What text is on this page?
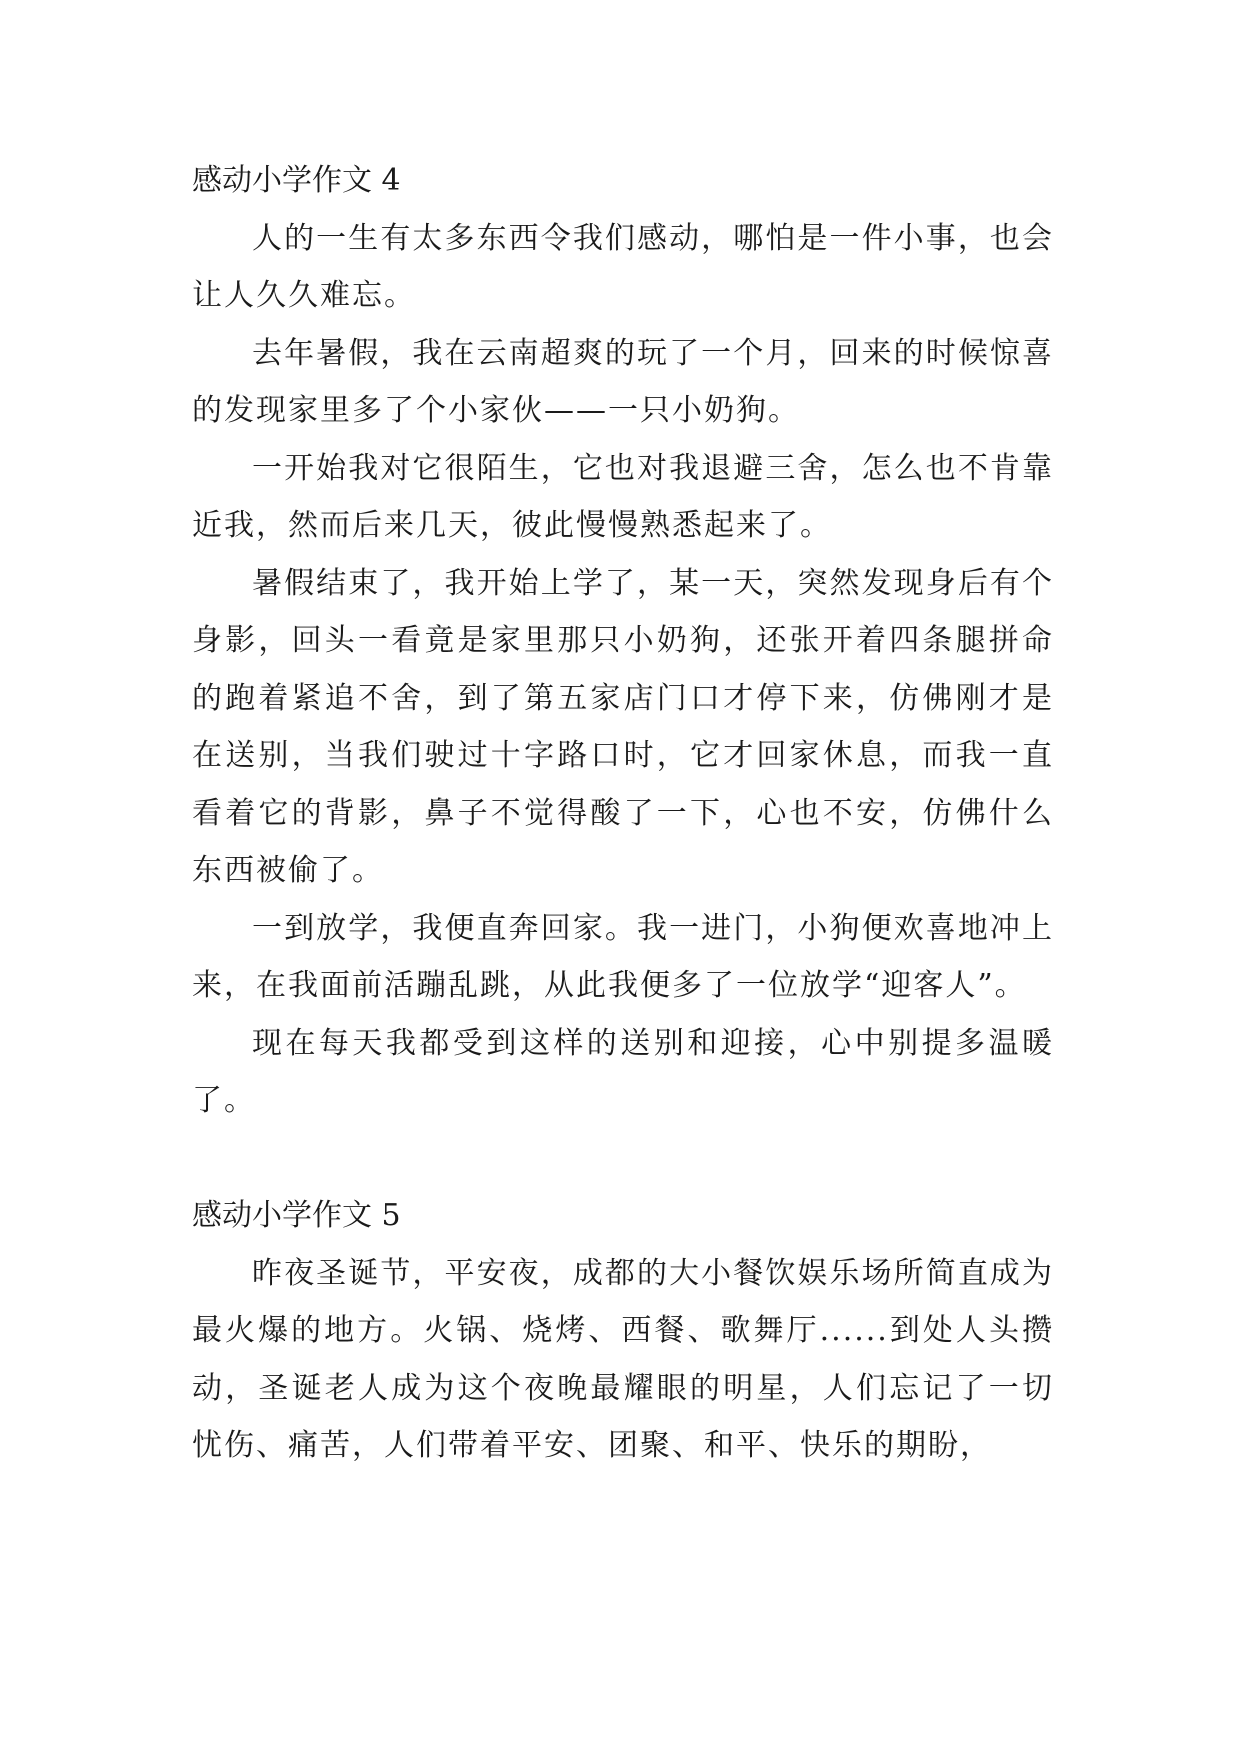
感动小学作文 4

人的一生有太多东西令我们感动，哪怕是一件小事，也会让人久久难忘。

去年暑假，我在云南超爽的玩了一个月，回来的时候惊喜的发现家里多了个小家伙——一只小奶狗。

一开始我对它很陌生，它也对我退避三舍，怎么也不肯靠近我，然而后来几天，彼此慢慢熟悉起来了。

暑假结束了，我开始上学了，某一天，突然发现身后有个身影，回头一看竟是家里那只小奶狗，还张开着四条腿拼命的跑着紧追不舍，到了第五家店门口才停下来，仿佛刚才是在送别，当我们驶过十字路口时，它才回家休息，而我一直看着它的背影，鼻子不觉得酸了一下，心也不安，仿佛什么东西被偷了。

一到放学，我便直奔回家。我一进门，小狗便欢喜地冲上来，在我面前活蹦乱跳，从此我便多了一位放学“迎客人”。

现在每天我都受到这样的送别和迎接，心中别提多温暖了。

感动小学作文 5

昨夜圣诞节，平安夜，成都的大小餐饮娱乐场所简直成为最火爆的地方。火锅、烧烤、西餐、歌舞厅......到处人头攒动，圣诞老人成为这个夜晚最耀眼的明星，人们忘记了一切忧伤、痛苦，人们带着平安、团聚、和平、快乐的期盼，
